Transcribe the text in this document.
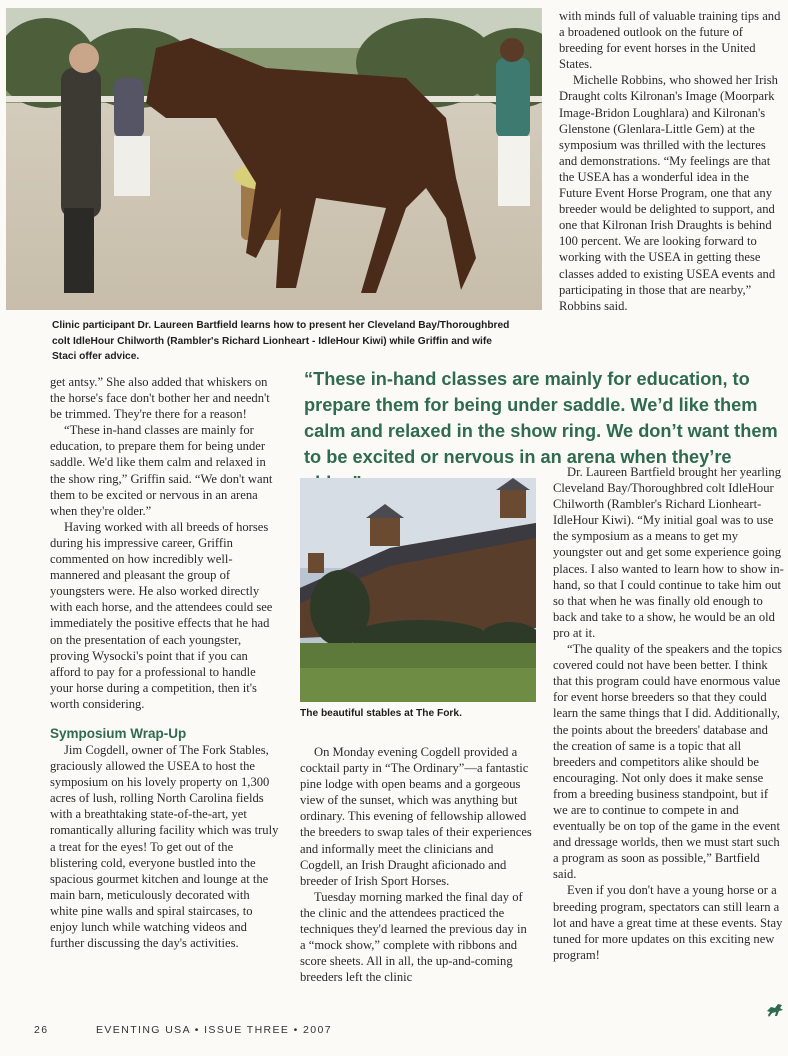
Clinic participant Dr. Laureen Bartfield learns how to present her Cleveland Bay/Thoroughbred colt IdleHour Chilworth (Rambler's Richard Lionheart - IdleHour Kiwi) while Griffin and wife Staci offer advice.

with minds full of valuable training tips and a broadened outlook on the future of breeding for event horses in the United States.

Michelle Robbins, who showed her Irish Draught colts Kilronan's Image (Moorpark Image-Bridon Loughlara) and Kilronan's Glenstone (Glenlara-Little Gem) at the symposium was thrilled with the lectures and demonstrations. “My feelings are that the USEA has a wonderful idea in the Future Event Horse Program, one that any breeder would be delighted to support, and one that Kilronan Irish Draughts is behind 100 percent. We are looking forward to working with the USEA in getting these classes added to existing USEA events and participating in those that are nearby,” Robbins said.

“These in-hand classes are mainly for education, to prepare them for being under saddle. We’d like them calm and relaxed in the show ring. We don’t want them to be excited or nervous in an arena when they’re

get antsy.” She also added that whiskers on the horse's face don't bother her and needn't be trimmed. They're there for a reason!

“These in-hand classes are mainly for education, to prepare them for being under saddle. We'd like them calm and relaxed in the show ring,” Griffin said. “We don't want them to be excited or nervous in an arena when they're older.”

Having worked with all breeds of horses during his impressive career, Griffin commented on how incredibly well-mannered and pleasant the group of youngsters were. He also worked directly with each horse, and the attendees could see immediately the positive effects that he had on the presentation of each youngster, proving Wysocki's point that if you can afford to pay for a professional to handle your horse during a competition, then it's worth considering.

Symposium Wrap-Up

Jim Cogdell, owner of The Fork Stables, graciously allowed the USEA to host the symposium on his lovely property on 1,300 acres of lush, rolling North Carolina fields with a breathtaking state-of-the-art, yet romantically alluring facility which was truly a treat for the eyes! To get out of the blistering cold, everyone bustled into the spacious gourmet kitchen and lounge at the main barn, meticulously decorated with white pine walls and spiral staircases, to enjoy lunch while watching videos and further discussing the day's activities.

The beautiful stables at The Fork.

On Monday evening Cogdell provided a cocktail party in “The Ordinary”—a fantastic pine lodge with open beams and a gorgeous view of the sunset, which was anything but ordinary. This evening of fellowship allowed the breeders to swap tales of their experiences and informally meet the clinicians and Cogdell, an Irish Draught aficionado and breeder of Irish Sport Horses.

Tuesday morning marked the final day of the clinic and the attendees practiced the techniques they'd learned the previous day in a “mock show,” complete with ribbons and score sheets. All in all, the up-and-coming breeders left the clinic

Dr. Laureen Bartfield brought her yearling Cleveland Bay/Thoroughbred colt IdleHour Chilworth (Rambler's Richard Lionheart-IdleHour Kiwi). “My initial goal was to use the symposium as a means to get my youngster out and get some experience going places. I also wanted to learn how to show in-hand, so that I could continue to take him out so that when he was finally old enough to back and take to a show, he would be an old pro at it.

“The quality of the speakers and the topics covered could not have been better. I think that this program could have enormous value for event horse breeders so that they could learn the same things that I did. Additionally, the points about the breeders' database and the creation of same is a topic that all breeders and competitors alike should be encouraging. Not only does it make sense from a breeding business standpoint, but if we are to continue to compete in and eventually be on top of the game in the event and dressage worlds, then we must start such a program as soon as possible,” Bartfield said.

Even if you don't have a young horse or a breeding program, spectators can still learn a lot and have a great time at these events. Stay tuned for more updates on this exciting new program!

26	EVENTING USA • ISSUE THREE • 2007
